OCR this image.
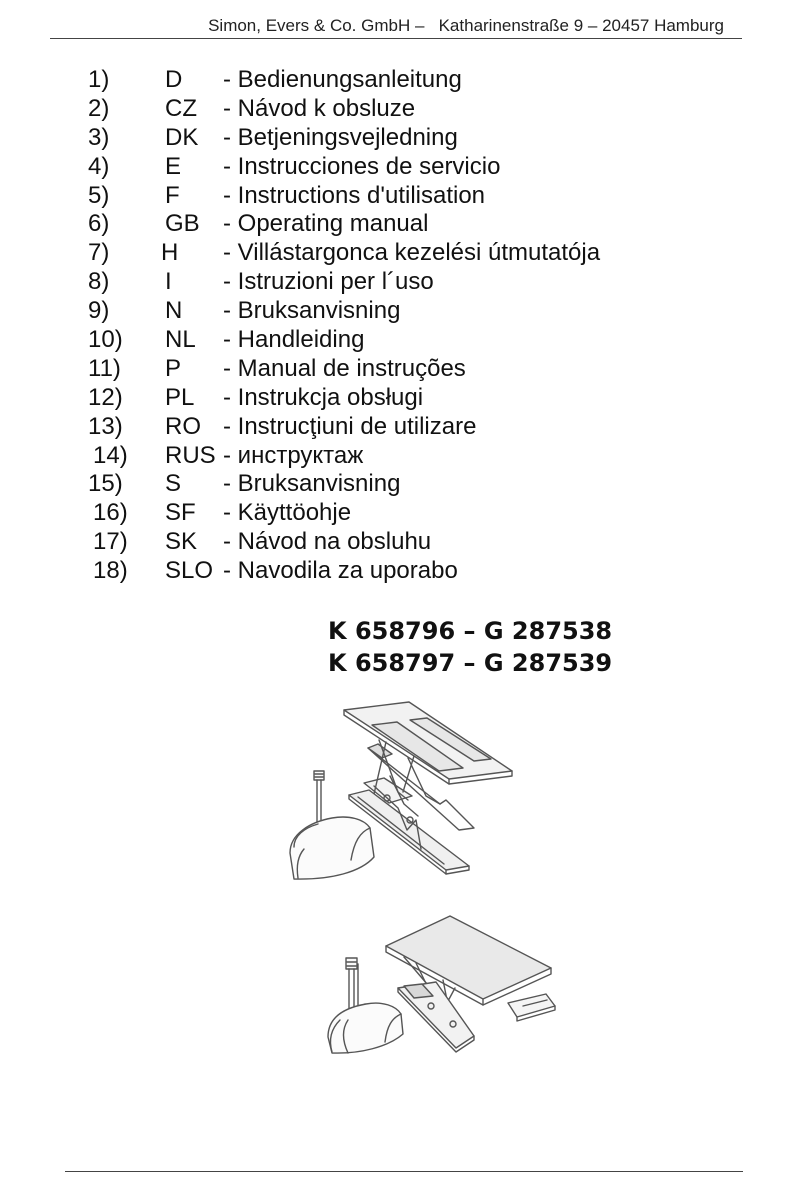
Simon, Evers & Co. GmbH – Katharinenstraße 9 – 20457 Hamburg
1) D - Bedienungsanleitung
2) CZ - Návod k obsluze
3) DK - Betjeningsvejledning
4) E - Instrucciones de servicio
5) F - Instructions d'utilisation
6) GB - Operating manual
7) H - Villástargonca kezelési útmutatója
8) I - Istruzioni per l´uso
9) N - Bruksanvisning
10) NL - Handleiding
11) P - Manual de instruções
12) PL - Instrukcja obsługi
13) RO - Instrucţiuni de utilizare
14) RUS - инструктаж
15) S - Bruksanvisning
16) SF - Käyttöohje
17) SK - Návod na obsluhu
18) SLO - Navodila za uporabo
K 658796 – G 287538
K 658797 – G 287539
